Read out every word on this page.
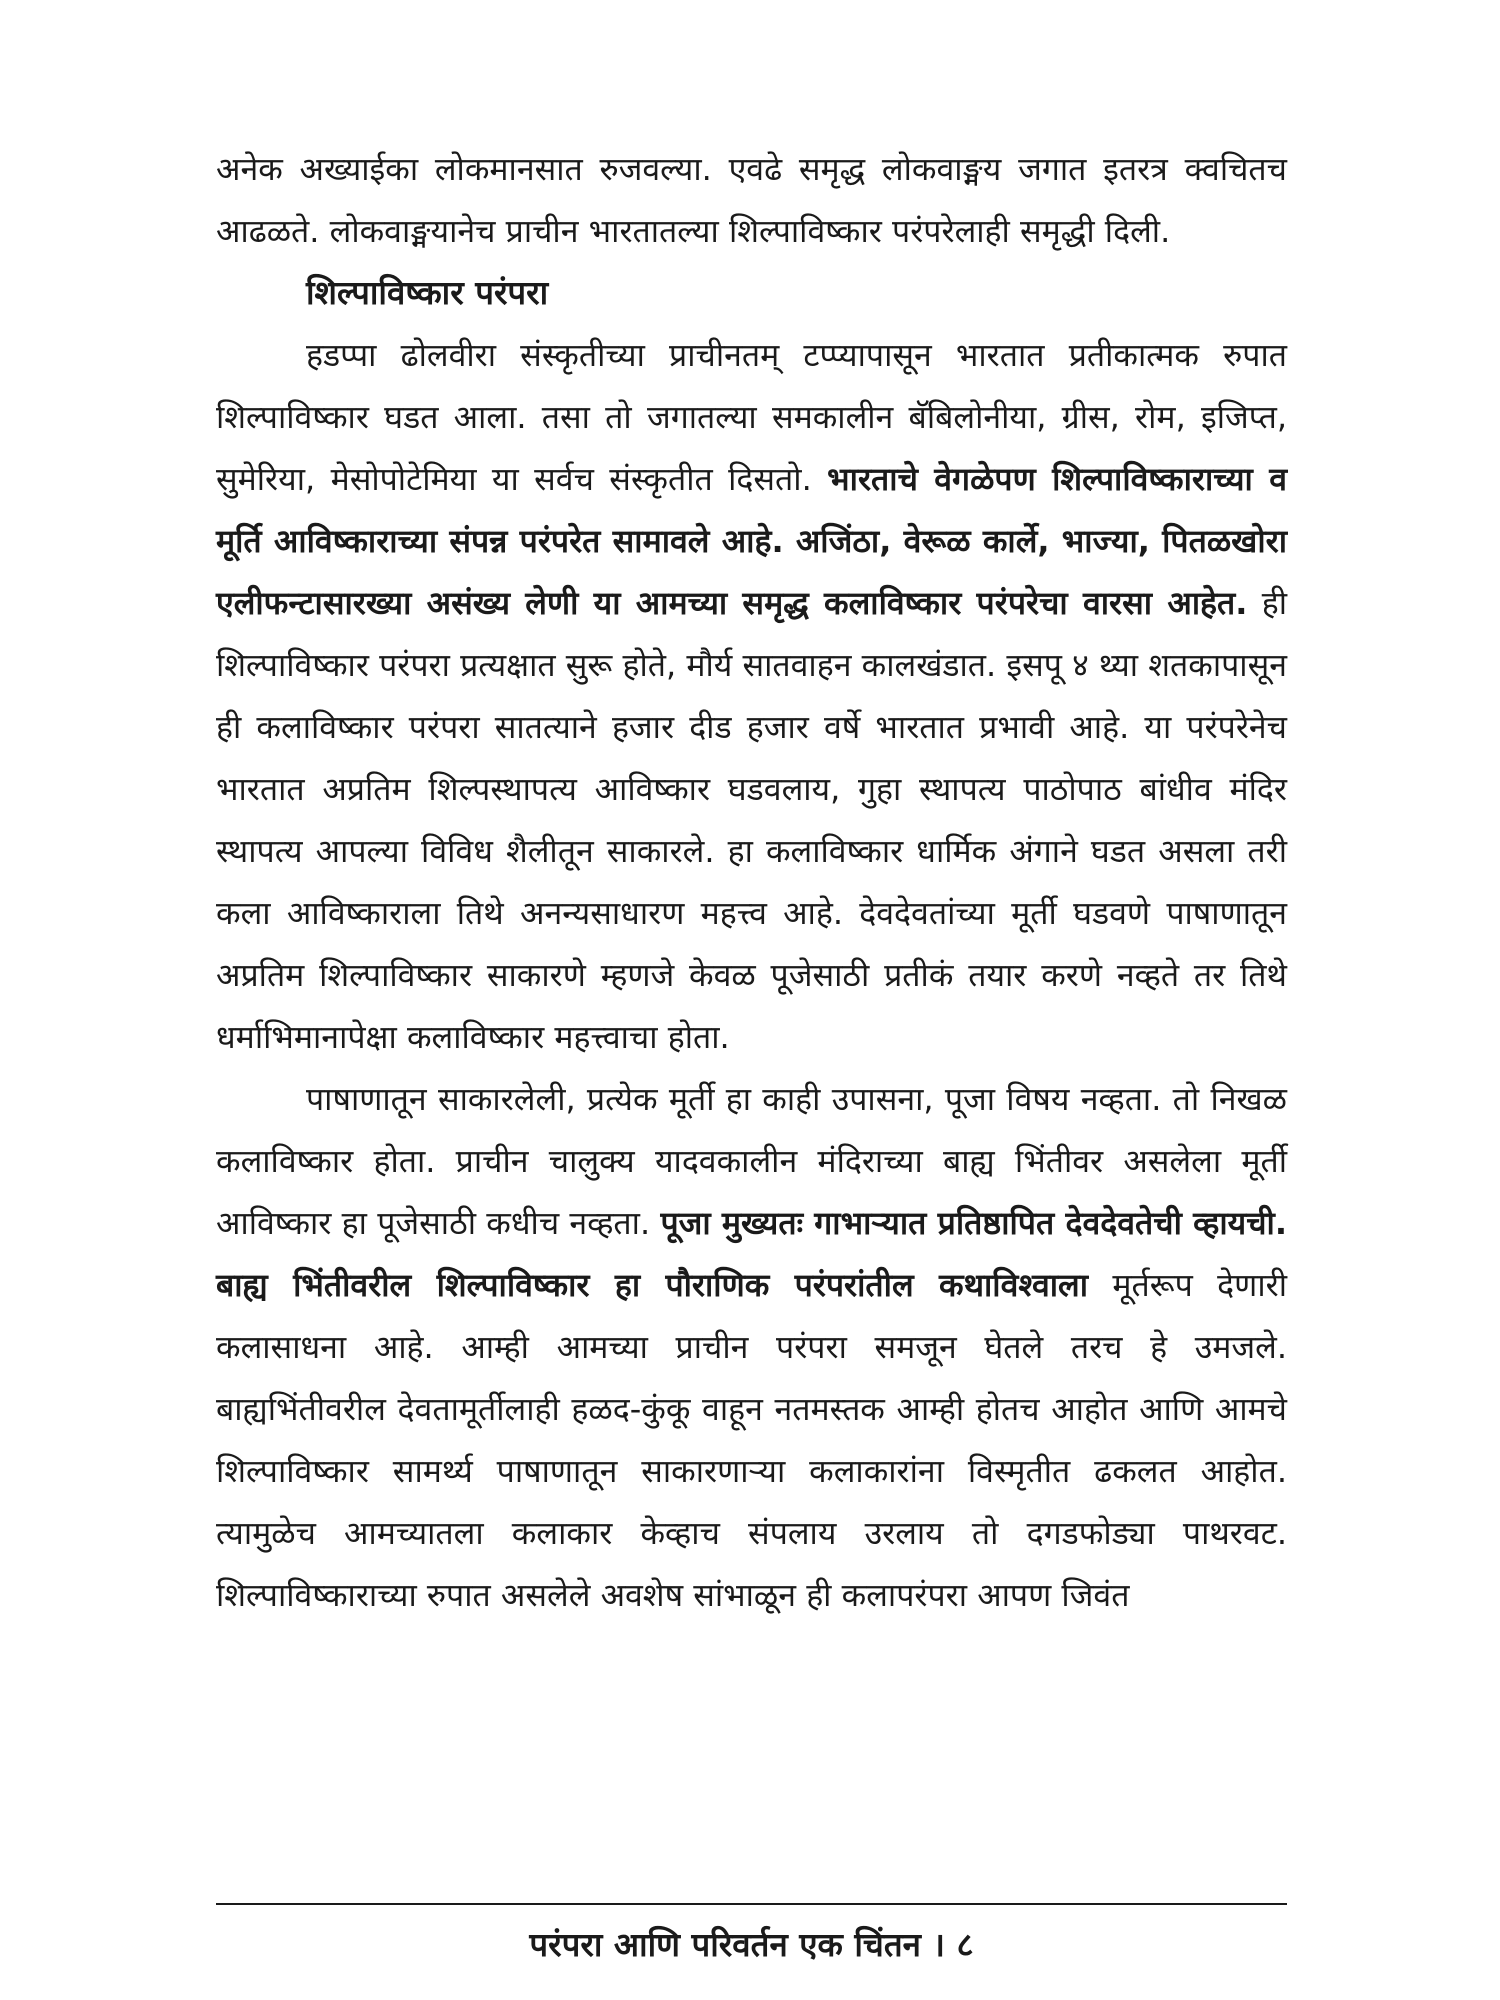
अनेक अख्याईका लोकमानसात रुजवल्या. एवढे समृद्ध लोकवाङ्मय जगात इतरत्र क्वचितच आढळते. लोकवाङ्मयानेच प्राचीन भारतातल्या शिल्पाविष्कार परंपरेलाही समृद्धी दिली.

शिल्पाविष्कार परंपरा

हडप्पा ढोलवीरा संस्कृतीच्या प्राचीनतम् टप्प्यापासून भारतात प्रतीकात्मक रुपात शिल्पाविष्कार घडत आला. तसा तो जगातल्या समकालीन बॅबिलोनीया, ग्रीस, रोम, इजिप्त, सुमेरिया, मेसोपोटेमिया या सर्वच संस्कृतीत दिसतो. भारताचे वेगळेपण शिल्पाविष्काराच्या व मूर्ति आविष्काराच्या संपन्न परंपरेत सामावले आहे. अजिंठा, वेरूळ कार्ले, भाज्या, पितळखोरा एलीफन्टासारख्या असंख्य लेणी या आमच्या समृद्ध कलाविष्कार परंपरेचा वारसा आहेत. ही शिल्पाविष्कार परंपरा प्रत्यक्षात सुरू होते, मौर्य सातवाहन कालखंडात. इसपू ४ थ्या शतकापासून ही कलाविष्कार परंपरा सातत्याने हजार दीड हजार वर्षे भारतात प्रभावी आहे. या परंपरेनेच भारतात अप्रतिम शिल्पस्थापत्य आविष्कार घडवलाय, गुहा स्थापत्य पाठोपाठ बांधीव मंदिर स्थापत्य आपल्या विविध शैलीतून साकारले. हा कलाविष्कार धार्मिक अंगाने घडत असला तरी कला आविष्काराला तिथे अनन्यसाधारण महत्त्व आहे. देवदेवतांच्या मूर्ती घडवणे पाषाणातून अप्रतिम शिल्पाविष्कार साकारणे म्हणजे केवळ पूजेसाठी प्रतीकं तयार करणे नव्हते तर तिथे धर्माभिमानापेक्षा कलाविष्कार महत्त्वाचा होता.

पाषाणातून साकारलेली, प्रत्येक मूर्ती हा काही उपासना, पूजा विषय नव्हता. तो निखळ कलाविष्कार होता. प्राचीन चालुक्य यादवकालीन मंदिराच्या बाह्य भिंतीवर असलेला मूर्ती आविष्कार हा पूजेसाठी कधीच नव्हता. पूजा मुख्यतः गाभाऱ्यात प्रतिष्ठापित देवदेवतेची व्हायची. बाह्य भिंतीवरील शिल्पाविष्कार हा पौराणिक परंपरांतील कथाविश्वाला मूर्तरूप देणारी कलासाधना आहे. आम्ही आमच्या प्राचीन परंपरा समजून घेतले तरच हे उमजले. बाह्यभिंतीवरील देवतामूर्तीलाही हळद-कुंकू वाहून नतमस्तक आम्ही होतच आहोत आणि आमचे शिल्पाविष्कार सामर्थ्य पाषाणातून साकारणाऱ्या कलाकारांना विस्मृतीत ढकलत आहोत. त्यामुळेच आमच्यातला कलाकार केव्हाच संपलाय उरलाय तो दगडफोड्या पाथरवट. शिल्पाविष्काराच्या रुपात असलेले अवशेष सांभाळून ही कलापरंपरा आपण जिवंत

परंपरा आणि परिवर्तन एक चिंतन । ८
